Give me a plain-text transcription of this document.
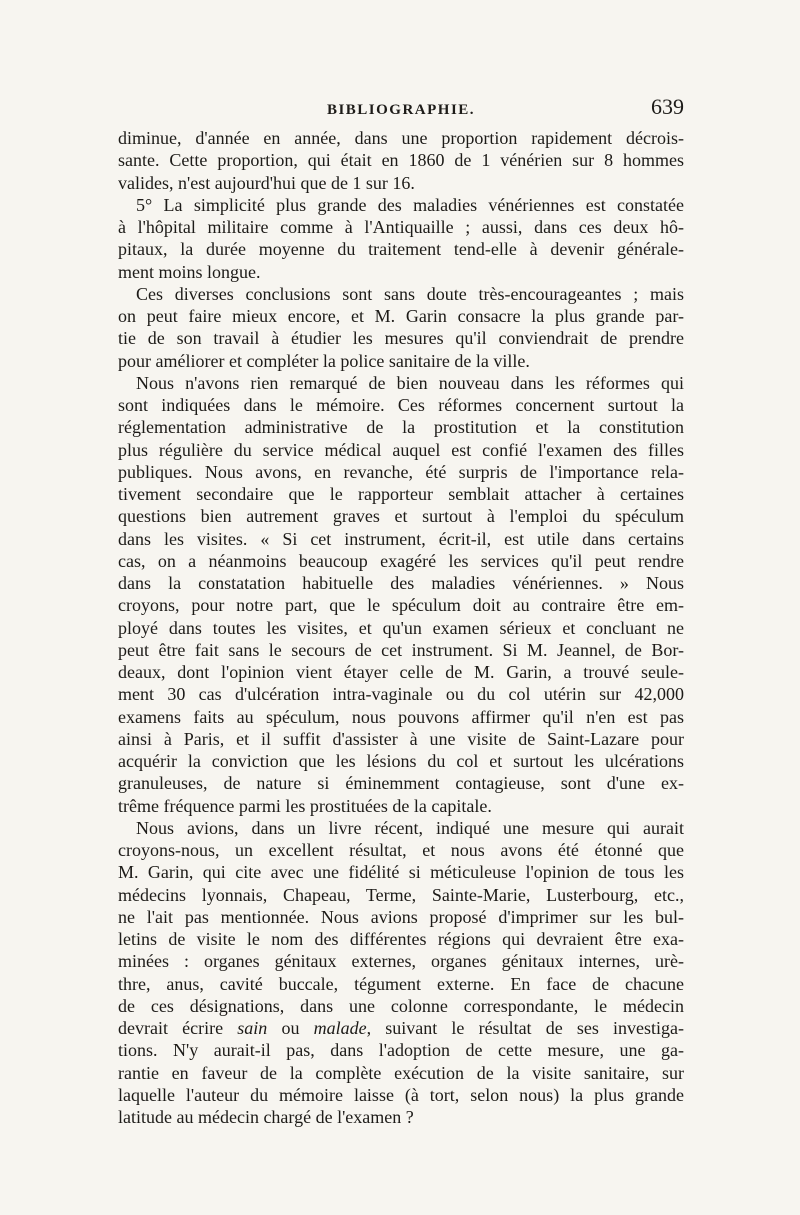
BIBLIOGRAPHIE.	639
diminue, d'année en année, dans une proportion rapidement décrois-
sante. Cette proportion, qui était en 1860 de 1 vénérien sur 8 hommes
valides, n'est aujourd'hui que de 1 sur 16.
5° La simplicité plus grande des maladies vénériennes est constatée
à l'hôpital militaire comme à l'Antiquaille ; aussi, dans ces deux hô-
pitaux, la durée moyenne du traitement tend-elle à devenir générale-
ment moins longue.
Ces diverses conclusions sont sans doute très-encourageantes ; mais
on peut faire mieux encore, et M. Garin consacre la plus grande par-
tie de son travail à étudier les mesures qu'il conviendrait de prendre
pour améliorer et compléter la police sanitaire de la ville.
Nous n'avons rien remarqué de bien nouveau dans les réformes qui
sont indiquées dans le mémoire. Ces réformes concernent surtout la
réglementation administrative de la prostitution et la constitution
plus régulière du service médical auquel est confié l'examen des filles
publiques. Nous avons, en revanche, été surpris de l'importance rela-
tivement secondaire que le rapporteur semblait attacher à certaines
questions bien autrement graves et surtout à l'emploi du spéculum
dans les visites. « Si cet instrument, écrit-il, est utile dans certains
cas, on a néanmoins beaucoup exagéré les services qu'il peut rendre
dans la constatation habituelle des maladies vénériennes. » Nous
croyons, pour notre part, que le spéculum doit au contraire être em-
ployé dans toutes les visites, et qu'un examen sérieux et concluant ne
peut être fait sans le secours de cet instrument. Si M. Jeannel, de Bor-
deaux, dont l'opinion vient étayer celle de M. Garin, a trouvé seule-
ment 30 cas d'ulcération intra-vaginale ou du col utérin sur 42,000
examens faits au spéculum, nous pouvons affirmer qu'il n'en est pas
ainsi à Paris, et il suffit d'assister à une visite de Saint-Lazare pour
acquérir la conviction que les lésions du col et surtout les ulcérations
granuleuses, de nature si éminemment contagieuse, sont d'une ex-
trême fréquence parmi les prostituées de la capitale.
Nous avions, dans un livre récent, indiqué une mesure qui aurait
croyons-nous, un excellent résultat, et nous avons été étonné que
M. Garin, qui cite avec une fidélité si méticuleuse l'opinion de tous les
médecins lyonnais, Chapeau, Terme, Sainte-Marie, Lusterbourg, etc.,
ne l'ait pas mentionnée. Nous avions proposé d'imprimer sur les bul-
letins de visite le nom des différentes régions qui devraient être exa-
minées : organes génitaux externes, organes génitaux internes, urè-
thre, anus, cavité buccale, tégument externe. En face de chacune
de ces désignations, dans une colonne correspondante, le médecin
devrait écrire sain ou malade, suivant le résultat de ses investiga-
tions. N'y aurait-il pas, dans l'adoption de cette mesure, une ga-
rantie en faveur de la complète exécution de la visite sanitaire, sur
laquelle l'auteur du mémoire laisse (à tort, selon nous) la plus grande
latitude au médecin chargé de l'examen ?
